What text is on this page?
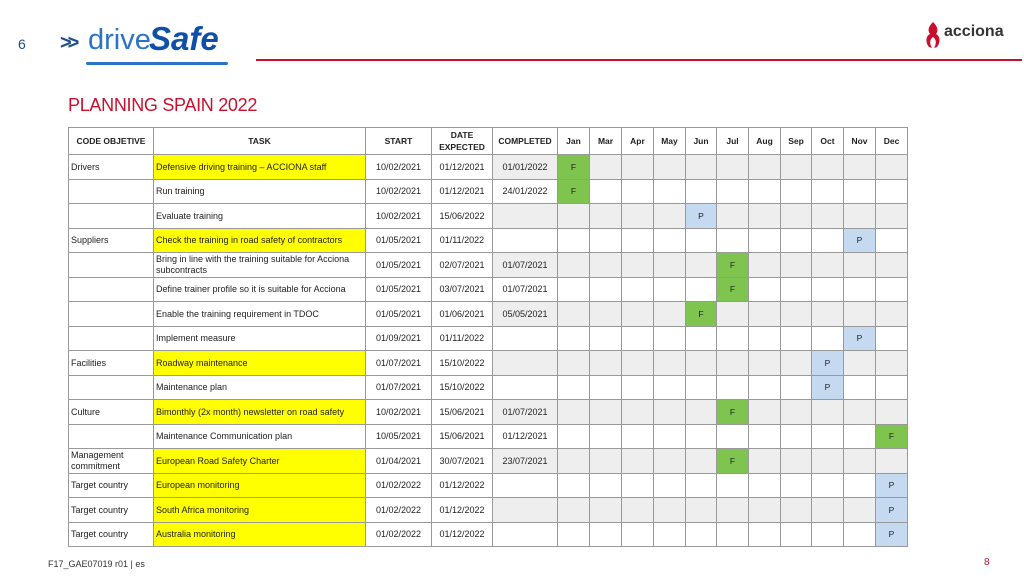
6 >> drive
Safe	acciona
PLANNING SPAIN 2022
CODE OBJETIVE	TASK	START	DATE EXPECTED	COMPLETED	Jan	Mar	Apr	May	Jun	Jul	Aug	Sep	Oct	Nov	Dec
Drivers	Defensive driving training – ACCIONA staff	10/02/2021	01/12/2021	01/01/2022	F										
	Run training	10/02/2021	01/12/2021	24/01/2022	F										
	Evaluate training	10/02/2021	15/06/2022						P						
Suppliers	Check the training in road safety of contractors	01/05/2021	01/11/2022											P	
	Bring in line with the training suitable for Acciona subcontracts	01/05/2021	02/07/2021	01/07/2021						F					
	Define trainer profile so it is suitable for Acciona	01/05/2021	03/07/2021	01/07/2021						F					
	Enable the training requirement in TDOC	01/05/2021	01/06/2021	05/05/2021					F						
	Implement measure	01/09/2021	01/11/2022											P	
Facilities	Roadway maintenance	01/07/2021	15/10/2022										P		
	Maintenance plan	01/07/2021	15/10/2022										P		
Culture	Bimonthly (2x month) newsletter on road safety	10/02/2021	15/06/2021	01/07/2021						F					
	Maintenance Communication plan	10/05/2021	15/06/2021	01/12/2021											F
Management commitment	European Road Safety Charter	01/04/2021	30/07/2021	23/07/2021						F					
Target country	European monitoring	01/02/2022	01/12/2022												P
Target country	South Africa monitoring	01/02/2022	01/12/2022												P
Target country	Australia monitoring	01/02/2022	01/12/2022												P
F17_GAE07019 r01 | es	8
